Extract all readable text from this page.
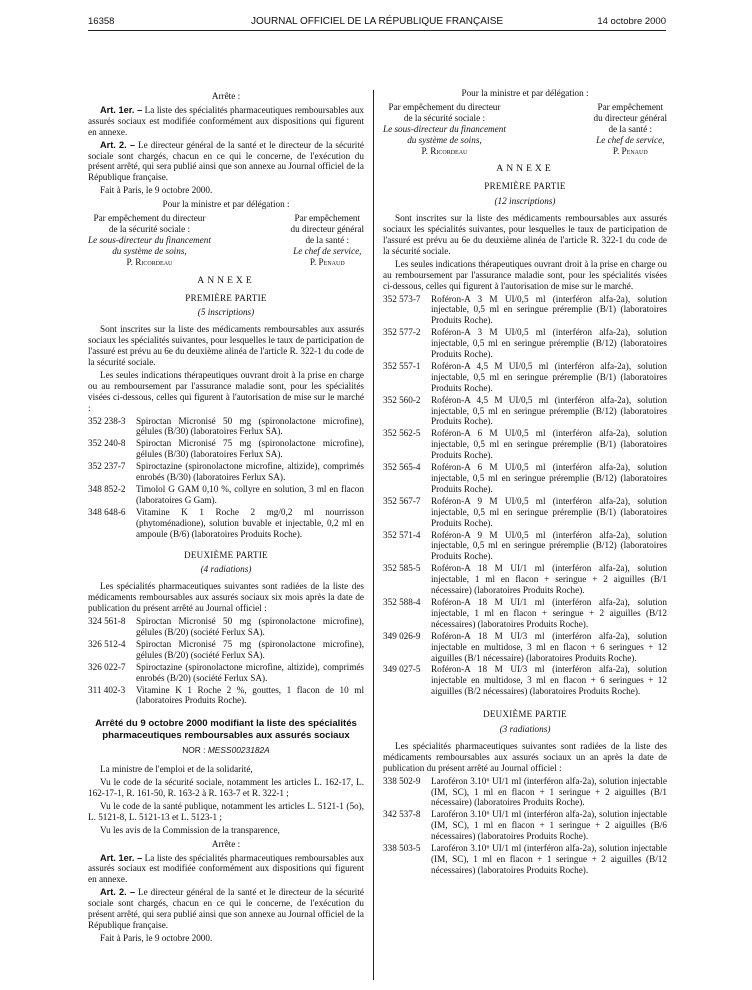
16358	JOURNAL OFFICIEL DE LA RÉPUBLIQUE FRANÇAISE	14 octobre 2000

Arrête :

Art. 1er. – La liste des spécialités pharmaceutiques remboursables aux assurés sociaux est modifiée conformément aux dispositions qui figurent en annexe.

Art. 2. – Le directeur général de la santé et le directeur de la sécurité sociale sont chargés, chacun en ce qui le concerne, de l'exécution du présent arrêté, qui sera publié ainsi que son annexe au Journal officiel de la République française.

Fait à Paris, le 9 octobre 2000.

Pour la ministre et par délégation :

Par empêchement du directeur
de la sécurité sociale :
Le sous-directeur du financement
du système de soins,
P. Ricordeau
Par empêchement
du directeur général
de la santé :
Le chef de service,
P. Penaud
ANNEXE
PREMIÈRE PARTIE
(5 inscriptions)

Sont inscrites sur la liste des médicaments remboursables aux assurés sociaux les spécialités suivantes, pour lesquelles le taux de participation de l'assuré est prévu au 6e du deuxième alinéa de l'article R. 322-1 du code de la sécurité sociale.

Les seules indications thérapeutiques ouvrant droit à la prise en charge ou au remboursement par l'assurance maladie sont, pour les spécialités visées ci-dessous, celles qui figurent à l'autorisation de mise sur le marché :

352 238-3	Spiroctan Micronisé 50 mg (spironolactone microfine), gélules (B/30) (laboratoires Ferlux SA).
352 240-8	Spiroctan Micronisé 75 mg (spironolactone microfine), gélules (B/30) (laboratoires Ferlux SA).
352 237-7	Spiroctazine (spironolactone microfine, altizide), comprimés enrobés (B/30) (laboratoires Ferlux SA).
348 852-2	Timolol G GAM 0,10 %, collyre en solution, 3 ml en flacon (laboratoires G Gam).
348 648-6	Vitamine K 1 Roche 2 mg/0,2 ml nourrisson (phytoménadione), solution buvable et injectable, 0,2 ml en ampoule (B/6) (laboratoires Produits Roche).
DEUXIÈME PARTIE
(4 radiations)

Les spécialités pharmaceutiques suivantes sont radiées de la liste des médicaments remboursables aux assurés sociaux six mois après la date de publication du présent arrêté au Journal officiel :

324 561-8	Spiroctan Micronisé 50 mg (spironolactone microfine), gélules (B/20) (société Ferlux SA).
326 512-4	Spiroctan Micronisé 75 mg (spironolactone microfine), gélules (B/20) (société Ferlux SA).
326 022-7	Spiroctazine (spironolactone microfine, altizide), comprimés enrobés (B/20) (société Ferlux SA).
311 402-3	Vitamine K 1 Roche 2 %, gouttes, 1 flacon de 10 ml (laboratoires Produits Roche).
Arrêté du 9 octobre 2000 modifiant la liste des spécialités pharmaceutiques remboursables aux assurés sociaux
NOR : MESS0023182A

La ministre de l'emploi et de la solidarité,

Vu le code de la sécurité sociale, notamment les articles L. 162-17, L. 162-17-1, R. 161-50, R. 163-2 à R. 163-7 et R. 322-1 ;

Vu le code de la santé publique, notamment les articles L. 5121-1 (5o), L. 5121-8, L. 5121-13 et L. 5123-1 ;

Vu les avis de la Commission de la transparence,

Arrête :

Art. 1er. – La liste des spécialités pharmaceutiques remboursables aux assurés sociaux est modifiée conformément aux dispositions qui figurent en annexe.

Art. 2. – Le directeur général de la santé et le directeur de la sécurité sociale sont chargés, chacun en ce qui le concerne, de l'exécution du présent arrêté, qui sera publié ainsi que son annexe au Journal officiel de la République française.

Fait à Paris, le 9 octobre 2000.

Pour la ministre et par délégation :

Par empêchement du directeur
de la sécurité sociale :
Le sous-directeur du financement
du système de soins,
P. Ricordeau
Par empêchement
du directeur général
de la santé :
Le chef de service,
P. Penaud
ANNEXE
PREMIÈRE PARTIE
(12 inscriptions)

Sont inscrites sur la liste des médicaments remboursables aux assurés sociaux les spécialités suivantes, pour lesquelles le taux de participation de l'assuré est prévu au 6e du deuxième alinéa de l'article R. 322-1 du code de la sécurité sociale.

Les seules indications thérapeutiques ouvrant droit à la prise en charge ou au remboursement par l'assurance maladie sont, pour les spécialités visées ci-dessous, celles qui figurent à l'autorisation de mise sur le marché.

352 573-7	Roféron-A 3 M UI/0,5 ml (interféron alfa-2a), solution injectable, 0,5 ml en seringue préremplie (B/1) (laboratoires Produits Roche).
352 577-2	Roféron-A 3 M UI/0,5 ml (interféron alfa-2a), solution injectable, 0,5 ml en seringue préremplie (B/12) (laboratoires Produits Roche).
352 557-1	Roféron-A 4,5 M UI/0,5 ml (interféron alfa-2a), solution injectable, 0,5 ml en seringue préremplie (B/1) (laboratoires Produits Roche).
352 560-2	Roféron-A 4,5 M UI/0,5 ml (interféron alfa-2a), solution injectable, 0,5 ml en seringue préremplie (B/12) (laboratoires Produits Roche).
352 562-5	Roféron-A 6 M UI/0,5 ml (interféron alfa-2a), solution injectable, 0,5 ml en seringue préremplie (B/1) (laboratoires Produits Roche).
352 565-4	Roféron-A 6 M UI/0,5 ml (interféron alfa-2a), solution injectable, 0,5 ml en seringue préremplie (B/12) (laboratoires Produits Roche).
352 567-7	Roféron-A 9 M UI/0,5 ml (interféron alfa-2a), solution injectable, 0,5 ml en seringue préremplie (B/1) (laboratoires Produits Roche).
352 571-4	Roféron-A 9 M UI/0,5 ml (interféron alfa-2a), solution injectable, 0,5 ml en seringue préremplie (B/12) (laboratoires Produits Roche).
352 585-5	Roféron-A 18 M UI/1 ml (interféron alfa-2a), solution injectable, 1 ml en flacon + seringue + 2 aiguilles (B/1 nécessaire) (laboratoires Produits Roche).
352 588-4	Roféron-A 18 M UI/1 ml (interféron alfa-2a), solution injectable, 1 ml en flacon + seringue + 2 aiguilles (B/12 nécessaires) (laboratoires Produits Roche).
349 026-9	Roféron-A 18 M UI/3 ml (interféron alfa-2a), solution injectable en multidose, 3 ml en flacon + 6 seringues + 12 aiguilles (B/1 nécessaire) (laboratoires Produits Roche).
349 027-5	Roféron-A 18 M UI/3 ml (interféron alfa-2a), solution injectable en multidose, 3 ml en flacon + 6 seringues + 12 aiguilles (B/2 nécessaires) (laboratoires Produits Roche).
DEUXIÈME PARTIE
(3 radiations)

Les spécialités pharmaceutiques suivantes sont radiées de la liste des médicaments remboursables aux assurés sociaux un an après la date de publication du présent arrêté au Journal officiel :

338 502-9	Laroféron 3.10⁶ UI/1 ml (interféron alfa-2a), solution injectable (IM, SC), 1 ml en flacon + 1 seringue + 2 aiguilles (B/1 nécessaire) (laboratoires Produits Roche).
342 537-8	Laroféron 3.10⁶ UI/1 ml (interféron alfa-2a), solution injectable (IM, SC), 1 ml en flacon + 1 seringue + 2 aiguilles (B/6 nécessaires) (laboratoires Produits Roche).
338 503-5	Laroféron 3.10⁶ UI/1 ml (interféron alfa-2a), solution injectable (IM, SC), 1 ml en flacon + 1 seringue + 2 aiguilles (B/12 nécessaires) (laboratoires Produits Roche).
